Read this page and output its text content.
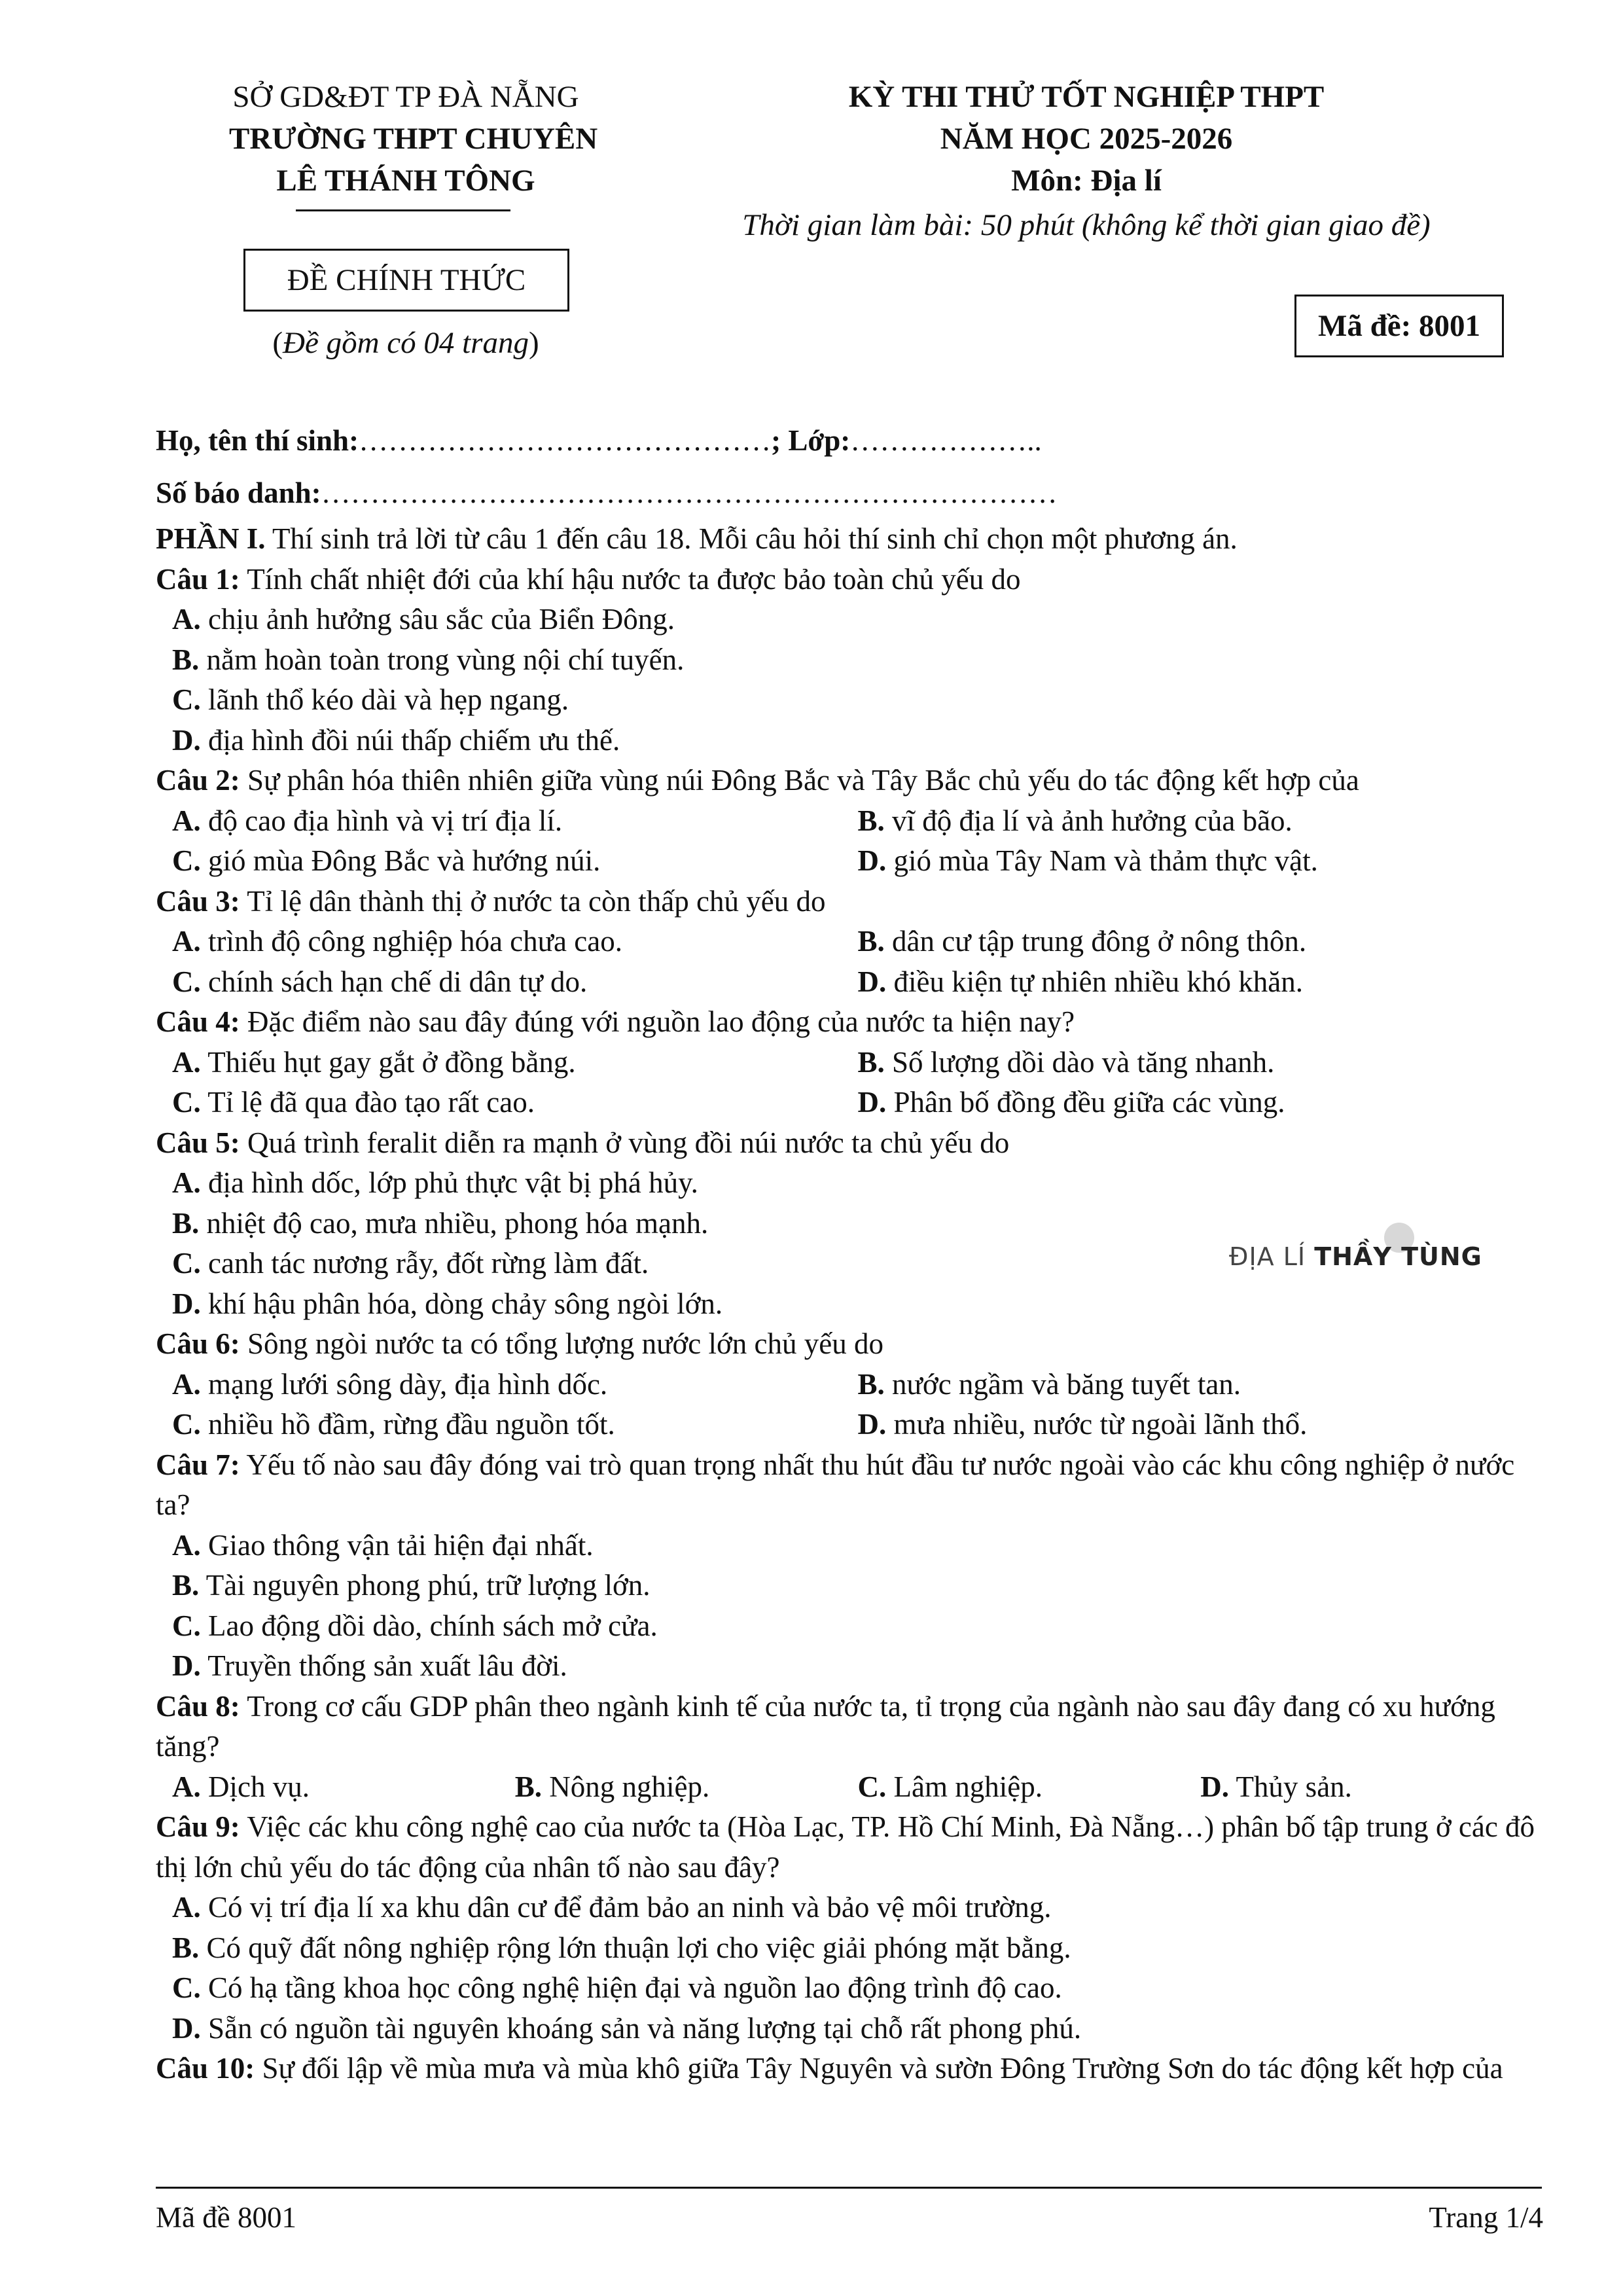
SỞ GD&ĐT TP ĐÀ NẴNG
TRƯỜNG THPT CHUYÊN
LÊ THÁNH TÔNG
ĐỀ CHÍNH THỨC
(Đề gồm có 04 trang)
KỲ THI THỬ TỐT NGHIỆP THPT
NĂM HỌC 2025-2026
Môn: Địa lí
Thời gian làm bài: 50 phút (không kể thời gian giao đề)
Mã đề: 8001
Họ, tên thí sinh:……………………………………; Lớp:………………..
Số báo danh:…………………………………………………………………
PHẦN I. Thí sinh trả lời từ câu 1 đến câu 18. Mỗi câu hỏi thí sinh chỉ chọn một phương án.
Câu 1: Tính chất nhiệt đới của khí hậu nước ta được bảo toàn chủ yếu do
A. chịu ảnh hưởng sâu sắc của Biển Đông.
B. nằm hoàn toàn trong vùng nội chí tuyến.
C. lãnh thổ kéo dài và hẹp ngang.
D. địa hình đồi núi thấp chiếm ưu thế.
Câu 2: Sự phân hóa thiên nhiên giữa vùng núi Đông Bắc và Tây Bắc chủ yếu do tác động kết hợp của
A. độ cao địa hình và vị trí địa lí.	B. vĩ độ địa lí và ảnh hưởng của bão.
C. gió mùa Đông Bắc và hướng núi.	D. gió mùa Tây Nam và thảm thực vật.
Câu 3: Tỉ lệ dân thành thị ở nước ta còn thấp chủ yếu do
A. trình độ công nghiệp hóa chưa cao.	B. dân cư tập trung đông ở nông thôn.
C. chính sách hạn chế di dân tự do.	D. điều kiện tự nhiên nhiều khó khăn.
Câu 4: Đặc điểm nào sau đây đúng với nguồn lao động của nước ta hiện nay?
A. Thiếu hụt gay gắt ở đồng bằng.	B. Số lượng dồi dào và tăng nhanh.
C. Tỉ lệ đã qua đào tạo rất cao.	D. Phân bố đồng đều giữa các vùng.
Câu 5: Quá trình feralit diễn ra mạnh ở vùng đồi núi nước ta chủ yếu do
A. địa hình dốc, lớp phủ thực vật bị phá hủy.
B. nhiệt độ cao, mưa nhiều, phong hóa mạnh.
C. canh tác nương rẫy, đốt rừng làm đất.
D. khí hậu phân hóa, dòng chảy sông ngòi lớn.
Câu 6: Sông ngòi nước ta có tổng lượng nước lớn chủ yếu do
A. mạng lưới sông dày, địa hình dốc.	B. nước ngầm và băng tuyết tan.
C. nhiều hồ đầm, rừng đầu nguồn tốt.	D. mưa nhiều, nước từ ngoài lãnh thổ.
Câu 7: Yếu tố nào sau đây đóng vai trò quan trọng nhất thu hút đầu tư nước ngoài vào các khu công nghiệp ở nước ta?
A. Giao thông vận tải hiện đại nhất.
B. Tài nguyên phong phú, trữ lượng lớn.
C. Lao động dồi dào, chính sách mở cửa.
D. Truyền thống sản xuất lâu đời.
Câu 8: Trong cơ cấu GDP phân theo ngành kinh tế của nước ta, tỉ trọng của ngành nào sau đây đang có xu hướng tăng?
A. Dịch vụ.	B. Nông nghiệp.	C. Lâm nghiệp.	D. Thủy sản.
Câu 9: Việc các khu công nghệ cao của nước ta (Hòa Lạc, TP. Hồ Chí Minh, Đà Nẵng…) phân bố tập trung ở các đô thị lớn chủ yếu do tác động của nhân tố nào sau đây?
A. Có vị trí địa lí xa khu dân cư để đảm bảo an ninh và bảo vệ môi trường.
B. Có quỹ đất nông nghiệp rộng lớn thuận lợi cho việc giải phóng mặt bằng.
C. Có hạ tầng khoa học công nghệ hiện đại và nguồn lao động trình độ cao.
D. Sẵn có nguồn tài nguyên khoáng sản và năng lượng tại chỗ rất phong phú.
Câu 10: Sự đối lập về mùa mưa và mùa khô giữa Tây Nguyên và sườn Đông Trường Sơn do tác động kết hợp của
ĐỊA LÍ THẦY TÙNG
Mã đề 8001	Trang 1/4
